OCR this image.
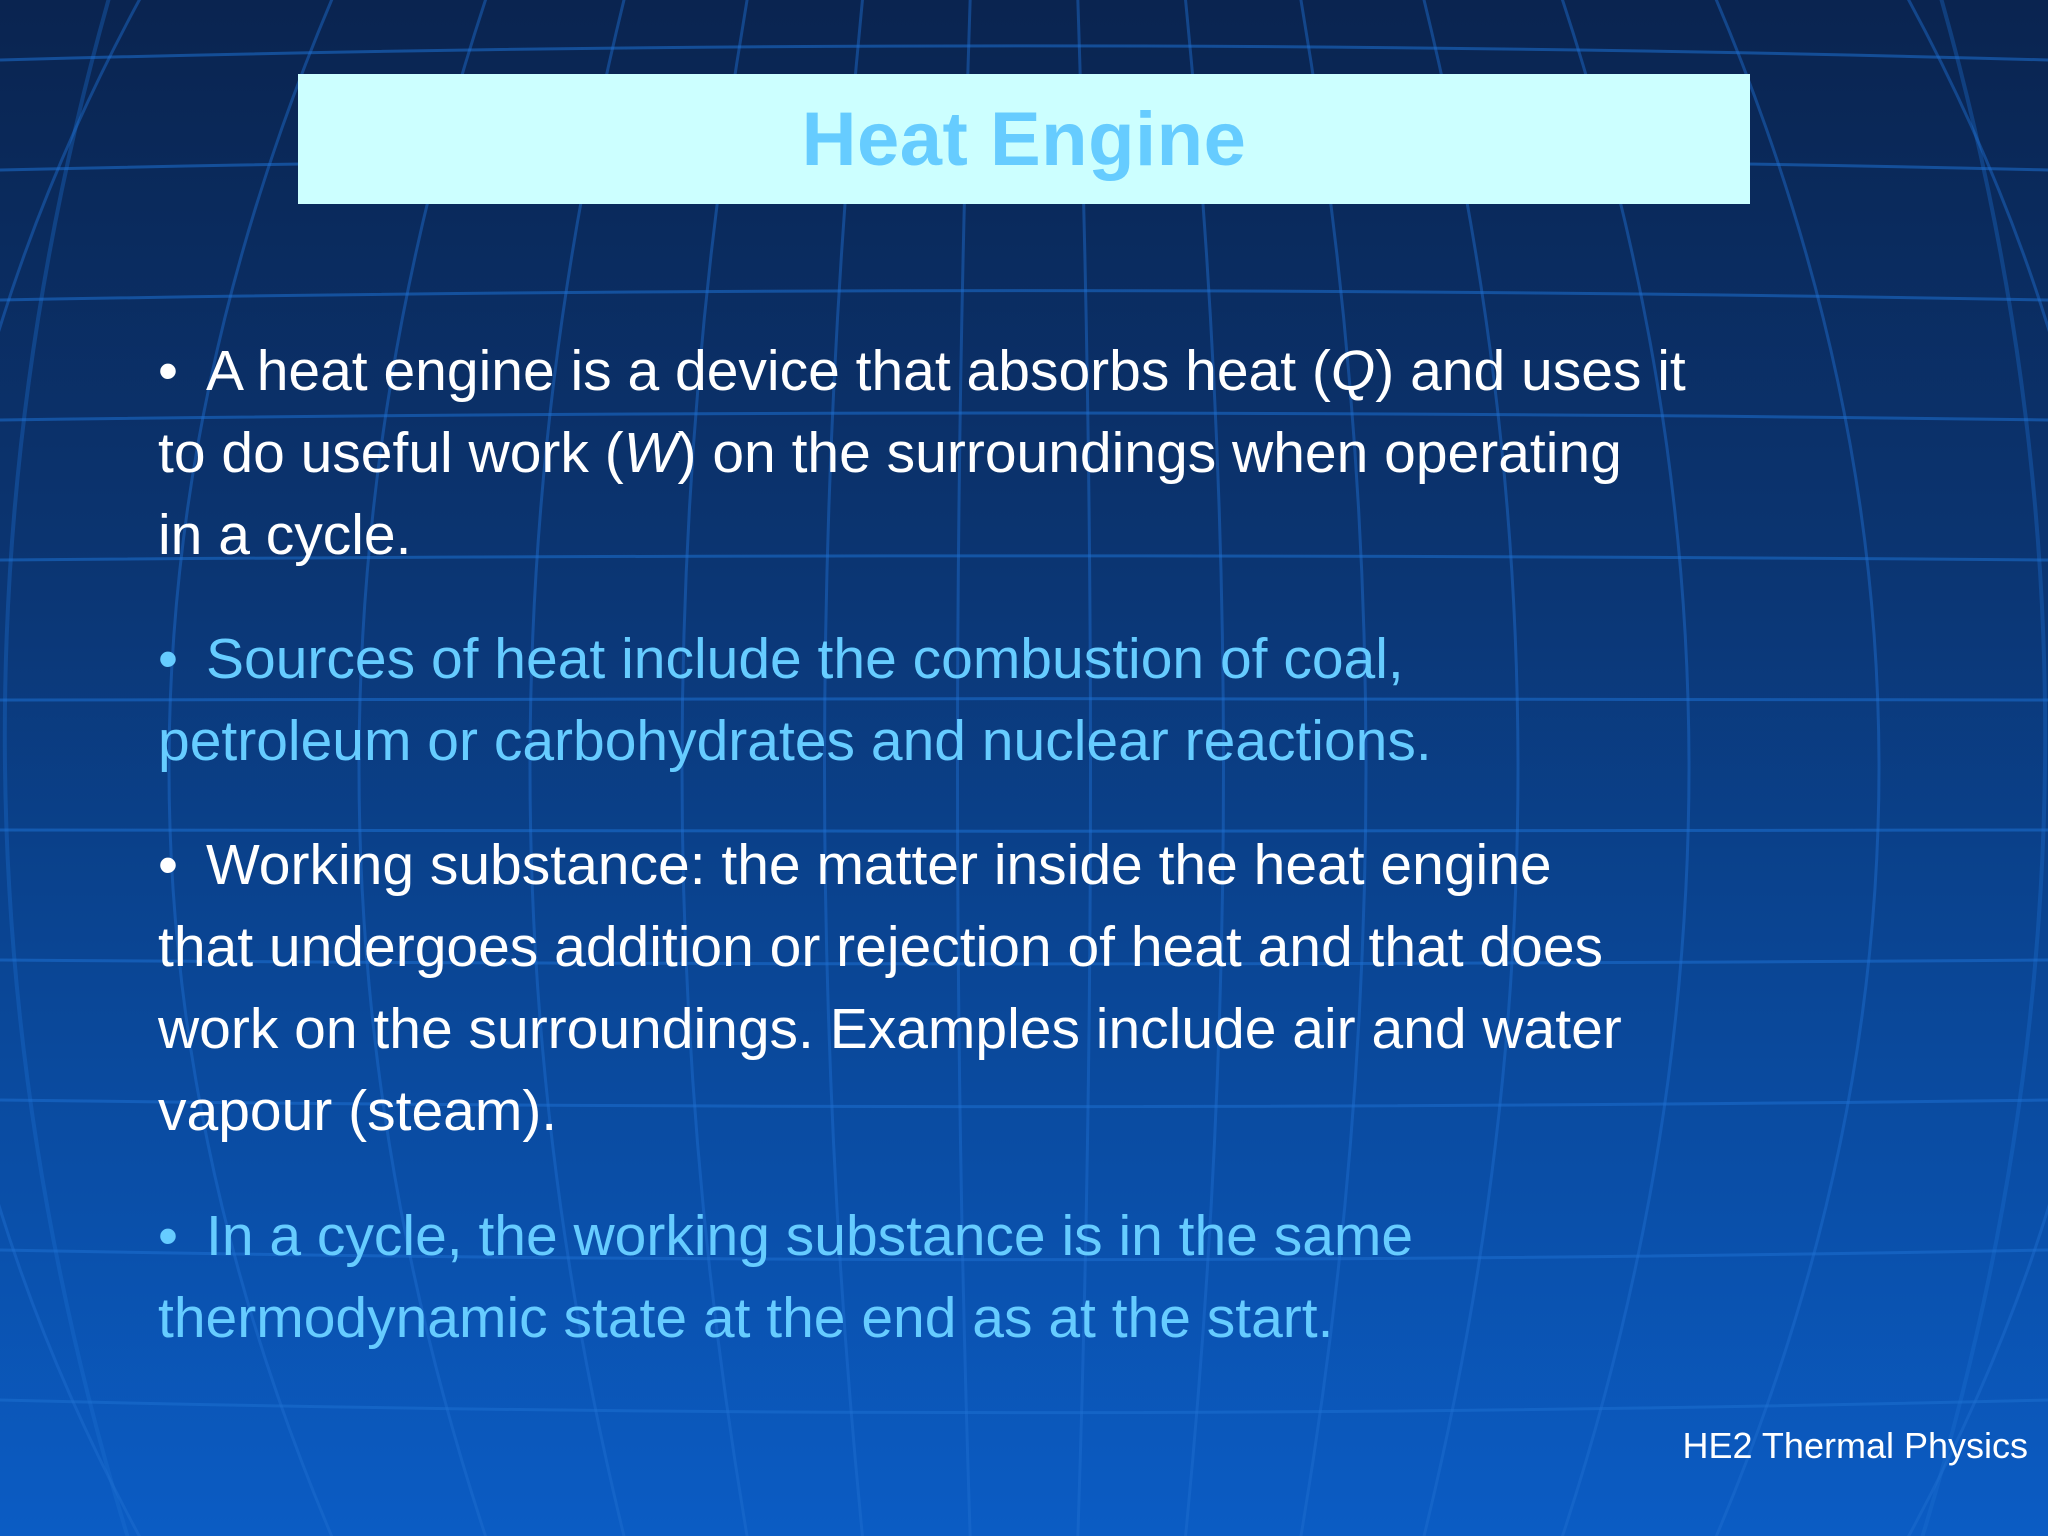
Heat Engine

• A heat engine is a device that absorbs heat (Q) and uses it
to do useful work (W) on the surroundings when operating
in a cycle.

• Sources of heat include the combustion of coal,
petroleum or carbohydrates and nuclear reactions.

• Working substance: the matter inside the heat engine
that undergoes addition or rejection of heat and that does
work on the surroundings. Examples include air and water
vapour (steam).

• In a cycle, the working substance is in the same
thermodynamic state at the end as at the start.

HE2 Thermal Physics
